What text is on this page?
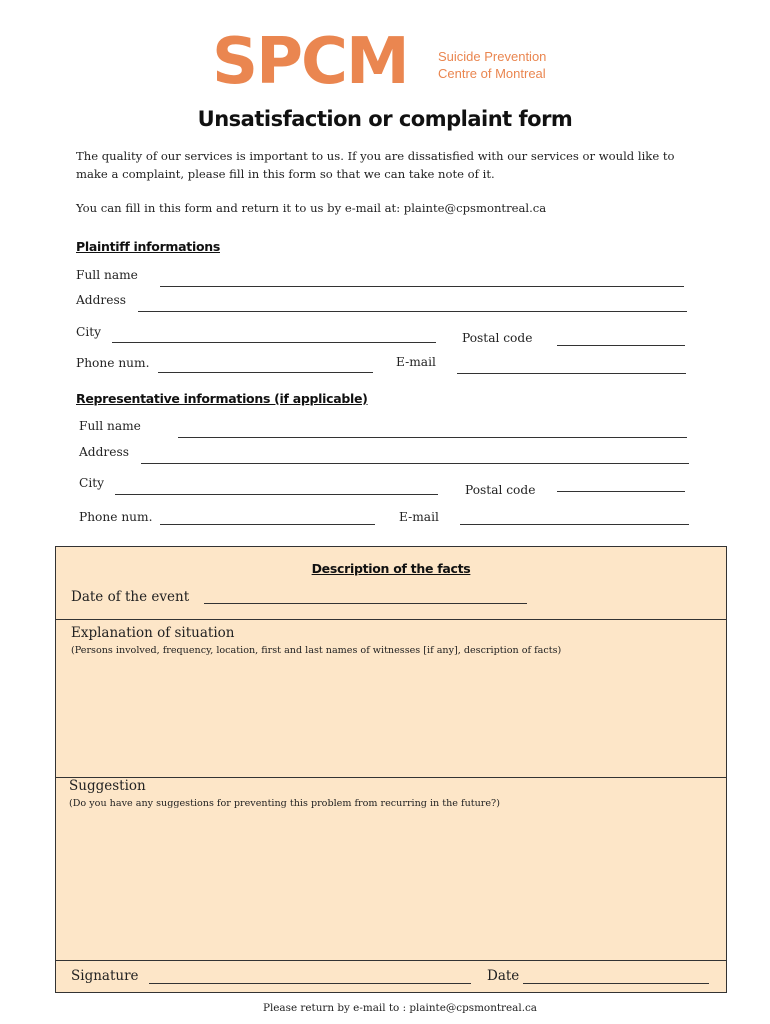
SPCM Suicide Prevention
Centre of Montreal
Unsatisfaction or complaint form
The quality of our services is important to us. If you are dissatisfied with our services or would like to make a complaint, please fill in this form so that we can take note of it.
You can fill in this form and return it to us by e-mail at: plainte@cpsmontreal.ca
Plaintiff informations
Full name
Address
City	Postal code
Phone num.	E-mail
Representative informations (if applicable)
Full name
Address
City	Postal code
Phone num.	E-mail
Description of the facts
Date of the event
Explanation of situation
(Persons involved, frequency, location, first and last names of witnesses [if any], description of facts)
Suggestion
(Do you have any suggestions for preventing this problem from recurring in the future?)
Signature	Date
Please return by e-mail to : plainte@cpsmontreal.ca
